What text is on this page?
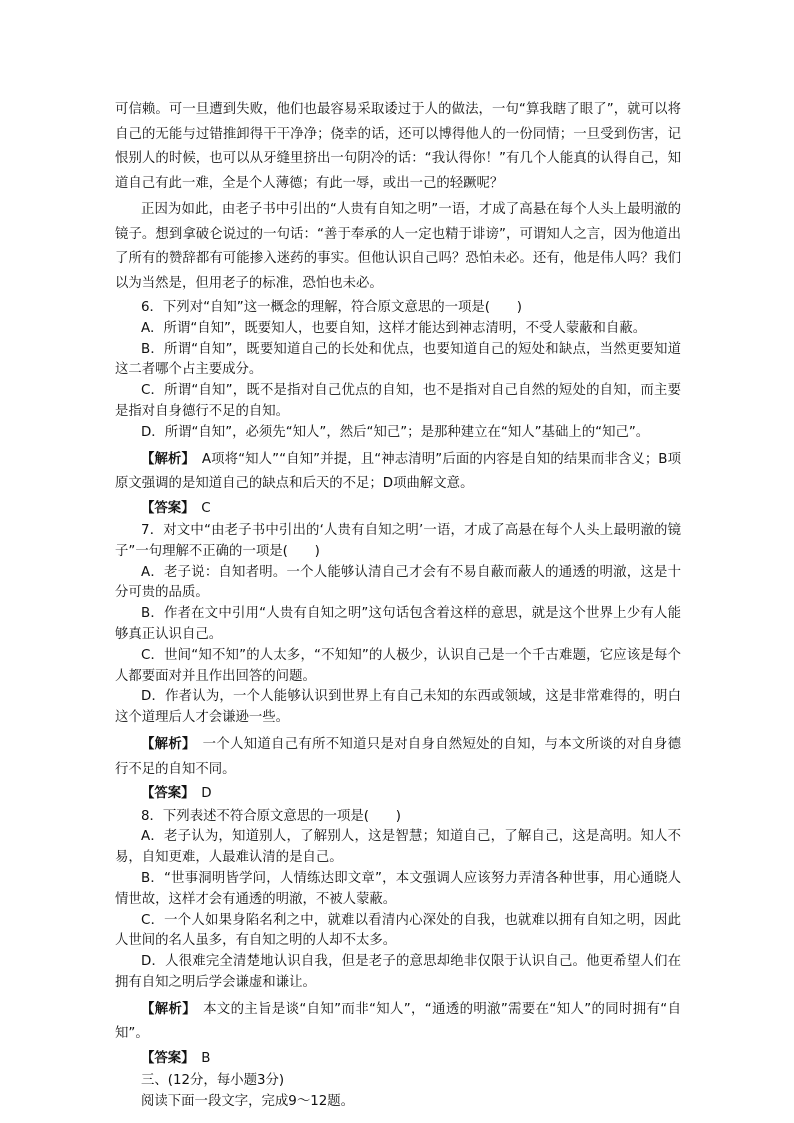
可信赖。可一旦遭到失败，他们也最容易采取诿过于人的做法，一句“算我瞎了眼了”，就可以将自己的无能与过错推卸得干干净净；侥幸的话，还可以博得他人的一份同情；一旦受到伤害，记恨别人的时候，也可以从牙缝里挤出一句阴冷的话：“我认得你！”有几个人能真的认得自己，知道自己有此一难，全是个人薄德；有此一辱，或出一己的轻蹶呢？

正因为如此，由老子书中引出的“人贵有自知之明”一语，才成了高悬在每个人头上最明澈的镜子。想到拿破仑说过的一句话：“善于奉承的人一定也精于诽谤”，可谓知人之言，因为他道出了所有的赞辞都有可能掺入迷药的事实。但他认识自己吗？恐怕未必。还有，他是伟人吗？我们以为当然是，但用老子的标准，恐怕也未必。

6．下列对“自知”这一概念的理解，符合原文意思的一项是(　　)

A．所谓“自知”，既要知人，也要自知，这样才能达到神志清明，不受人蒙蔽和自蔽。

B．所谓“自知”，既要知道自己的长处和优点，也要知道自己的短处和缺点，当然更要知道这二者哪个占主要成分。

C．所谓“自知”，既不是指对自己优点的自知，也不是指对自己自然的短处的自知，而主要是指对自身德行不足的自知。

D．所谓“自知”，必须先“知人”，然后“知己”；是那种建立在“知人”基础上的“知己”。

【解析】　A项将“知人”“自知”并提，且“神志清明”后面的内容是自知的结果而非含义；B项原文强调的是知道自己的缺点和后天的不足；D项曲解文意。

【答案】　C

7．对文中“由老子书中引出的‘人贵有自知之明’一语，才成了高悬在每个人头上最明澈的镜子”一句理解不正确的一项是(　　)

A．老子说：自知者明。一个人能够认清自己才会有不易自蔽而蔽人的通透的明澈，这是十分可贵的品质。

B．作者在文中引用“人贵有自知之明”这句话包含着这样的意思，就是这个世界上少有人能够真正认识自己。

C．世间“知不知”的人太多，“不知知”的人极少，认识自己是一个千古难题，它应该是每个人都要面对并且作出回答的问题。

D．作者认为，一个人能够认识到世界上有自己未知的东西或领域，这是非常难得的，明白这个道理后人才会谦逊一些。

【解析】　一个人知道自己有所不知道只是对自身自然短处的自知，与本文所谈的对自身德行不足的自知不同。

【答案】　D

8．下列表述不符合原文意思的一项是(　　)

A．老子认为，知道别人，了解别人，这是智慧；知道自己，了解自己，这是高明。知人不易，自知更难，人最难认清的是自己。

B．“世事洞明皆学问，人情练达即文章”，本文强调人应该努力弄清各种世事，用心通晓人情世故，这样才会有通透的明澈，不被人蒙蔽。

C．一个人如果身陷名利之中，就难以看清内心深处的自我，也就难以拥有自知之明，因此人世间的名人虽多，有自知之明的人却不太多。

D．人很难完全清楚地认识自我，但是老子的意思却绝非仅限于认识自己。他更希望人们在拥有自知之明后学会谦虚和谦让。

【解析】　本文的主旨是谈“自知”而非“知人”，“通透的明澈”需要在“知人”的同时拥有“自知”。

【答案】　B

三、(12分，每小题3分)

阅读下面一段文字，完成9～12题。
